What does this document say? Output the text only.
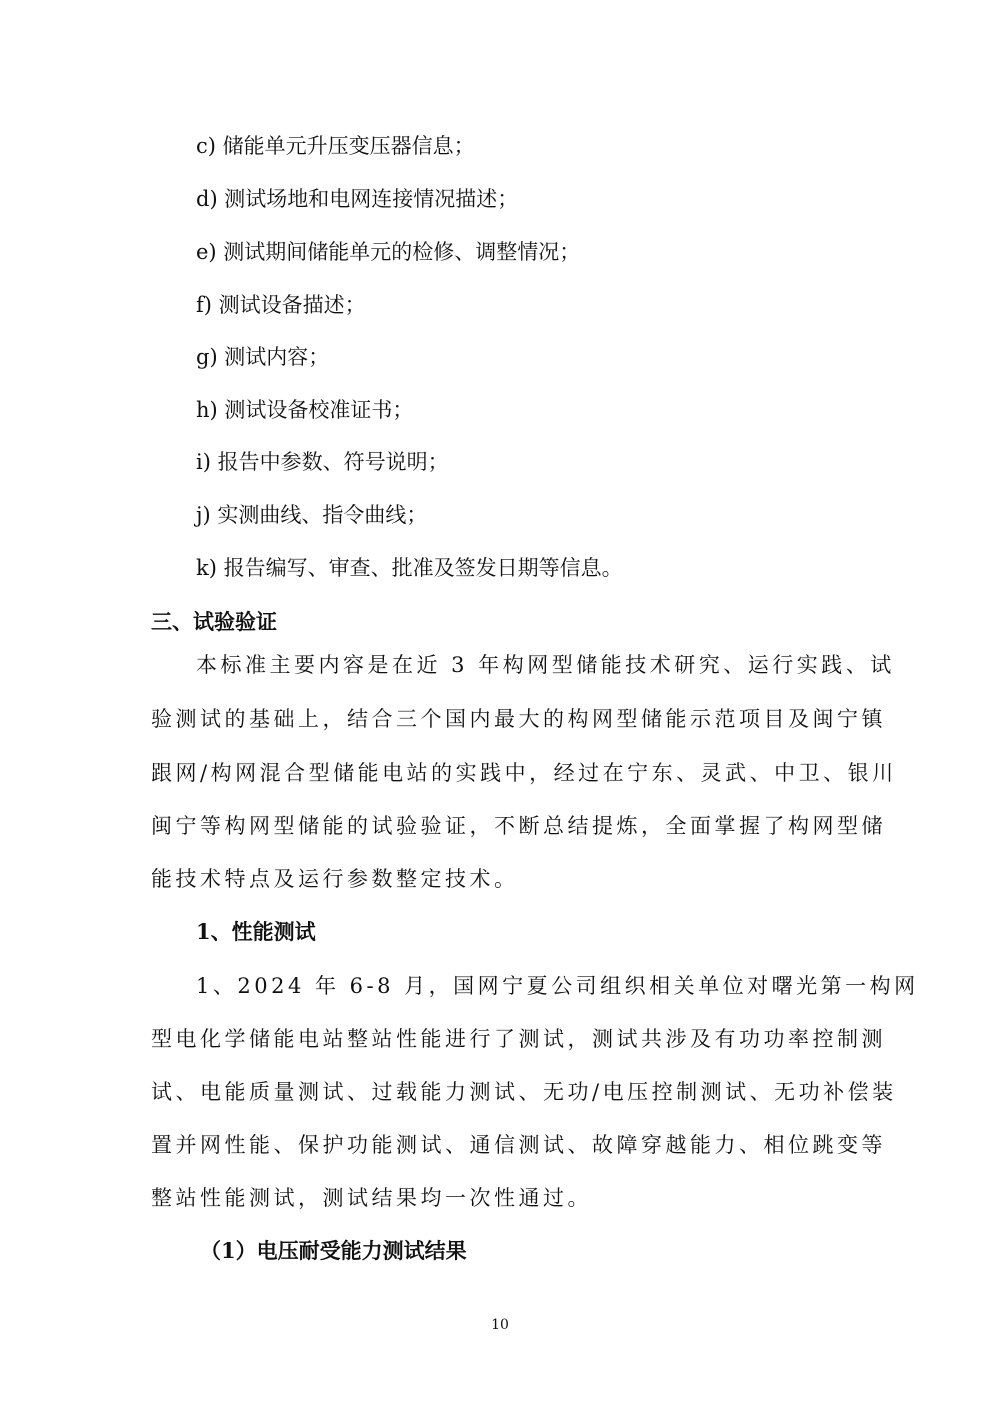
c) 储能单元升压变压器信息；
d) 测试场地和电网连接情况描述；
e) 测试期间储能单元的检修、调整情况；
f) 测试设备描述；
g) 测试内容；
h) 测试设备校准证书；
i) 报告中参数、符号说明；
j) 实测曲线、指令曲线；
k) 报告编写、审查、批准及签发日期等信息。
三、试验验证
本标准主要内容是在近 3 年构网型储能技术研究、运行实践、试
验测试的基础上，结合三个国内最大的构网型储能示范项目及闽宁镇
跟网/构网混合型储能电站的实践中，经过在宁东、灵武、中卫、银川
闽宁等构网型储能的试验验证，不断总结提炼，全面掌握了构网型储
能技术特点及运行参数整定技术。
1、性能测试
1、2024 年 6-8 月，国网宁夏公司组织相关单位对曙光第一构网
型电化学储能电站整站性能进行了测试，测试共涉及有功功率控制测
试、电能质量测试、过载能力测试、无功/电压控制测试、无功补偿装
置并网性能、保护功能测试、通信测试、故障穿越能力、相位跳变等
整站性能测试，测试结果均一次性通过。
（1）电压耐受能力测试结果
10
